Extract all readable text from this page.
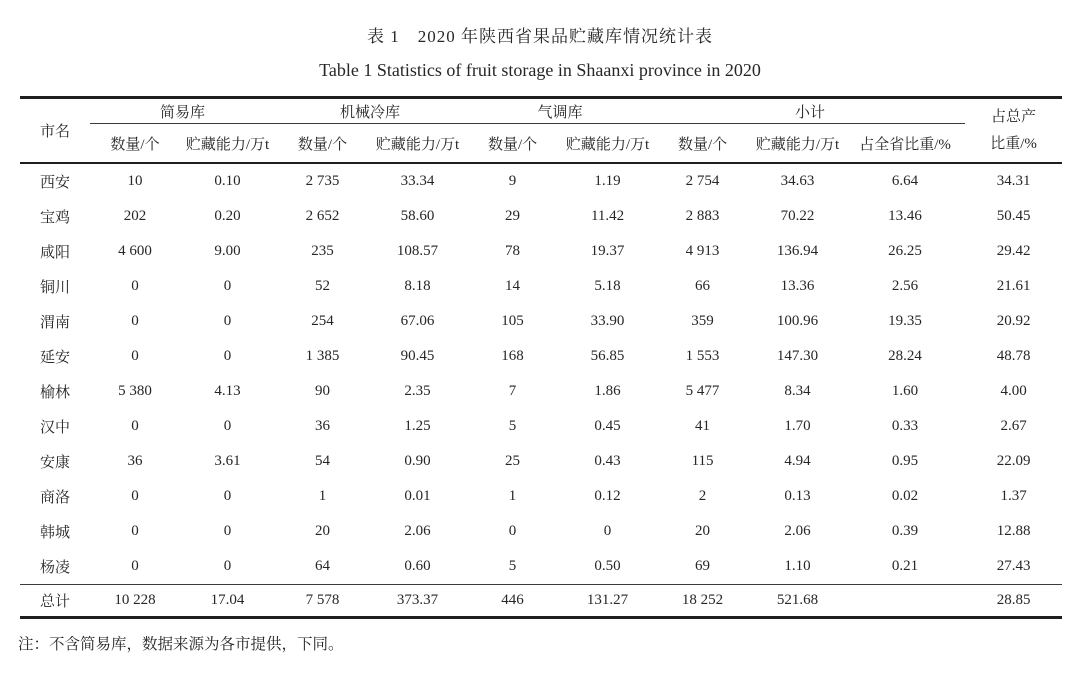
表 1　2020 年陕西省果品贮藏库情况统计表
Table 1 Statistics of fruit storage in Shaanxi province in 2020
市名	简易库		机械冷库		气调库		小计			占总产
比重/%

	数量/个	贮藏能力/万t	数量/个	贮藏能力/万t	数量/个	贮藏能力/万t	数量/个	贮藏能力/万t	占全省比重/%	
西安	10	0.10	2 735	33.34	9	1.19	2 754	34.63	6.64	34.31
宝鸡	202	0.20	2 652	58.60	29	11.42	2 883	70.22	13.46	50.45
咸阳	4 600	9.00	235	108.57	78	19.37	4 913	136.94	26.25	29.42
铜川	0	0	52	8.18	14	5.18	66	13.36	2.56	21.61
渭南	0	0	254	67.06	105	33.90	359	100.96	19.35	20.92
延安	0	0	1 385	90.45	168	56.85	1 553	147.30	28.24	48.78
榆林	5 380	4.13	90	2.35	7	1.86	5 477	8.34	1.60	4.00
汉中	0	0	36	1.25	5	0.45	41	1.70	0.33	2.67
安康	36	3.61	54	0.90	25	0.43	115	4.94	0.95	22.09
商洛	0	0	1	0.01	1	0.12	2	0.13	0.02	1.37
韩城	0	0	20	2.06	0	0	20	2.06	0.39	12.88
杨凌	0	0	64	0.60	5	0.50	69	1.10	0.21	27.43
总计	10 228	17.04	7 578	373.37	446	131.27	18 252	521.68		28.85
注：不含简易库，数据来源为各市提供，下同。
